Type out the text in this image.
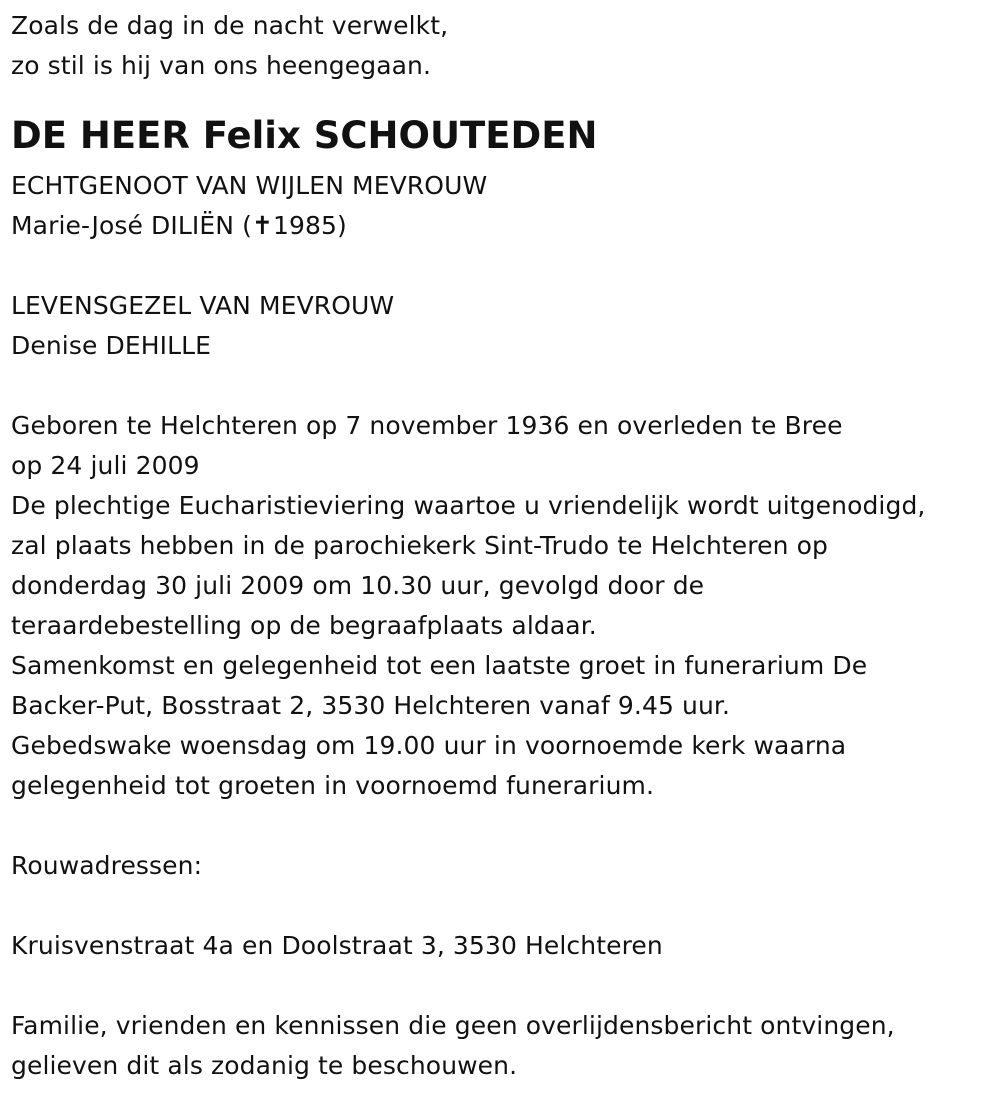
Zoals de dag in de nacht verwelkt,
zo stil is hij van ons heengegaan.
DE HEER Felix SCHOUTEDEN
ECHTGENOOT VAN WIJLEN MEVROUW
Marie-José DILIËN (✝1985)
LEVENSGEZEL VAN MEVROUW
Denise DEHILLE
Geboren te Helchteren op 7 november 1936 en overleden te Bree
op 24 juli 2009
De plechtige Eucharistieviering waartoe u vriendelijk wordt uitgenodigd,
zal plaats hebben in de parochiekerk Sint-Trudo te Helchteren op
donderdag 30 juli 2009 om 10.30 uur, gevolgd door de
teraardebestelling op de begraafplaats aldaar.
Samenkomst en gelegenheid tot een laatste groet in funerarium De
Backer-Put, Bosstraat 2, 3530 Helchteren vanaf 9.45 uur.
Gebedswake woensdag om 19.00 uur in voornoemde kerk waarna
gelegenheid tot groeten in voornoemd funerarium.
Rouwadressen:
Kruisvenstraat 4a en Doolstraat 3, 3530 Helchteren
Familie, vrienden en kennissen die geen overlijdensbericht ontvingen,
gelieven dit als zodanig te beschouwen.
